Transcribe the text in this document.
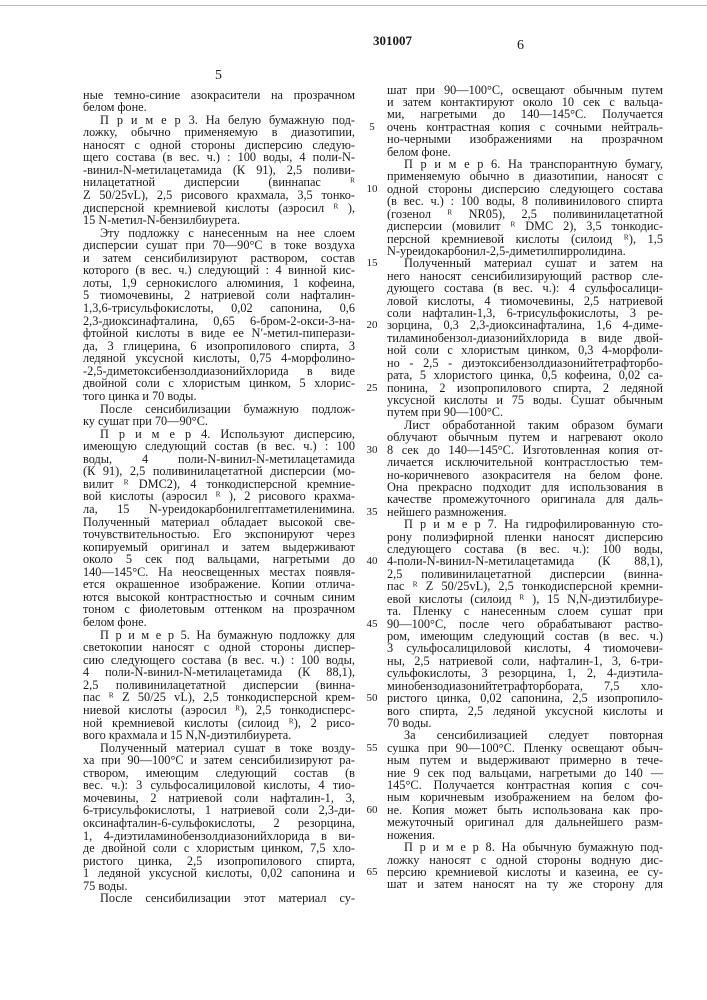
5
301007	6
ные темно-синие азокрасители на прозрачном
белом фоне.
П р и м е р 3. На белую бумажную под-
ложку, обычно применяемую в диазотипии,
наносят с одной стороны дисперсию следую-
щего состава (в вес. ч.) : 100 воды, 4 поли-N-
-винил-N-метилацетамида (К 91), 2,5 поливи-
нилацетатной дисперсии (виннапас ᴿ
Z 50/25vL), 2,5 рисового крахмала, 3,5 тонко-
дисперсной кремниевой кислоты (аэросил ᴿ ),
15 N-метил-N-бензилбиурета.
Эту подложку с нанесенным на нее слоем
дисперсии сушат при 70—90°C в токе воздуха
и затем сенсибилизируют раствором, состав
которого (в вес. ч.) следующий : 4 винной кис-
лоты, 1,9 сернокислого алюминия, 1 кофеина,
5 тиомочевины, 2 натриевой соли нафталин-
1,3,6-трисульфокислоты, 0,02 сапонина, 0,6
2,3-диоксинафталина, 0,65 6-бром-2-окси-3-на-
фтойной кислоты в виде ее N′-метил-пиперази-
да, 3 глицерина, 6 изопропилового спирта, 3
ледяной уксусной кислоты, 0,75 4-морфолино-
-2,5-диметоксибензолдиазонийхлорида в виде
двойной соли с хлористым цинком, 5 хлорис-
того цинка и 70 воды.
После сенсибилизации бумажную подлож-
ку сушат при 70—90°C.
П р и м е р 4. Используют дисперсию,
имеющую следующий состав (в вес. ч.) : 100
воды, 4 поли-N-винил-N-метилацетамида
(К 91), 2,5 поливинилацетатной дисперсии (мо-
вилит ᴿ DMC2), 4 тонкодисперсной кремние-
вой кислоты (аэросил ᴿ ), 2 рисового крахма-
ла, 15 N-уреидокарбонилгептаметиленимина.
Полученный материал обладает высокой све-
точувствительностью. Его экспонируют через
копируемый оригинал и затем выдерживают
около 5 сек под вальцами, нагретыми до
140—145°C. На неосвещенных местах появля-
ется окрашенное изображение. Копии отлича-
ются высокой контрастностью и сочным синим
тоном с фиолетовым оттенком на прозрачном
белом фоне.
П р и м е р 5. На бумажную подложку для
светокопии наносят с одной стороны диспер-
сию следующего состава (в вес. ч.) : 100 воды,
4 поли-N-винил-N-метилацетамида (К 88,1),
2,5 поливинилацетатной дисперсии (винна-
пас ᴿ Z 50/25 vL), 2,5 тонкодисперсной крем-
ниевой кислоты (аэросил ᴿ), 2,5 тонкодисперс-
ной кремниевой кислоты (силоид ᴿ), 2 рисо-
вого крахмала и 15 N,N-диэтилбиурета.
Полученный материал сушат в токе возду-
ха при 90—100°C и затем сенсибилизируют ра-
створом, имеющим следующий состав (в
вес. ч.): 3 сульфосалициловой кислоты, 4 тио-
мочевины, 2 натриевой соли нафталин-1, 3,
6-трисульфокислоты, 1 натриевой соли 2,3-ди-
оксинафталин-6-сульфокислоты, 2 резорцина,
1, 4-диэтиламинобензолдиазонийхлорида в ви-
де двойной соли с хлористым цинком, 7,5 хло-
ристого цинка, 2,5 изопропилового спирта,
1 ледяной уксусной кислоты, 0,02 сапонина и
75 воды.
После сенсибилизации этот материал су-
шат при 90—100°C, освещают обычным путем
и затем контактируют около 10 сек с вальца-
ми, нагретыми до 140—145°C. Получается
очень контрастная копия с сочными нейтраль-
5
но-черными изображениями на прозрачном
белом фоне.
П р и м е р 6. На транспорантную бумагу,
применяемую обычно в диазотипии, наносят с
одной стороны дисперсию следующего состава
10
(в вес. ч.) : 100 воды, 8 поливинилового спирта
(гозенол ᴿ NR05), 2,5 поливинилацетатной
дисперсии (мовилит ᴿ DMC 2), 3,5 тонкодис-
персной кремниевой кислоты (силоид ᴿ), 1,5
N-уреидокарбонил-2,5-диметилпирролидина.
Полученный материал сушат и затем на
15
него наносят сенсибилизирующий раствор сле-
дующего состава (в вес. ч.): 4 сульфосалици-
ловой кислоты, 4 тиомочевины, 2,5 натриевой
соли нафталин-1,3, 6-трисульфокислоты, 3 ре-
зорцина, 0,3 2,3-диоксинафталина, 1,6 4-диме-
20
тиламинобензол-диазонийхлорида в виде двой-
ной соли с хлористым цинком, 0,3 4-морфоли-
но - 2,5 - диэтоксибензолдиазонийтетрафторбо-
рата, 5 хлористого цинка, 0,5 кофеина, 0,02 са-
понина, 2 изопропилового спирта, 2 ледяной
25
уксусной кислоты и 75 воды. Сушат обычным
путем при 90—100°C.
Лист обработанной таким образом бумаги
облучают обычным путем и нагревают около
8 сек до 140—145°C. Изготовленная копия от-
30
личается исключительной контрастлостью тем-
но-коричневого азокрасителя на белом фоне.
Она прекрасно подходит для использования в
качестве промежуточного оригинала для даль-
нейшего размножения.
35
П р и м е р 7. На гидрофилированную сто-
рону полиэфирной пленки наносят дисперсию
следующего состава (в вес. ч.): 100 воды,
4-поли-N-винил-N-метилацетамида (К 88,1),
40
2,5 поливинилацетатной дисперсии (винна-
пас ᴿ Z 50/25vL), 2,5 тонкодисперсной кремни-
евой кислоты (силоид ᴿ ), 15 N,N-диэтилбиуре-
та. Пленку с нанесенным слоем сушат при
90—100°C, после чего обрабатывают раство-
45
ром, имеющим следующий состав (в вес. ч.)
3 сульфосалициловой кислоты, 4 тиомочеви-
ны, 2,5 натриевой соли, нафталин-1, 3, 6-три-
сульфокислоты, 3 резорцина, 1, 2, 4-диэтила-
минобензодиазонийтетрафторбората, 7,5 хло-
ристого цинка, 0,02 сапонина, 2,5 изопропило-
50
вого спирта, 2,5 ледяной уксусной кислоты и
70 воды.
За сенсибилизацией следует повторная
сушка при 90—100°C. Пленку освещают обыч-
55
ным путем и выдерживают примерно в тече-
ние 9 сек под вальцами, нагретыми до 140 —
145°C. Получается контрастная копия с соч-
ным коричневым изображением на белом фо-
не. Копия может быть использована как про-
60
межуточный оригинал для дальнейшего разм-
ножения.
П р и м е р 8. На обычную бумажную под-
ложку наносят с одной стороны водную дис-
персию кремниевой кислоты и казеина, ее су-
65
шат и затем наносят на ту же сторону для
